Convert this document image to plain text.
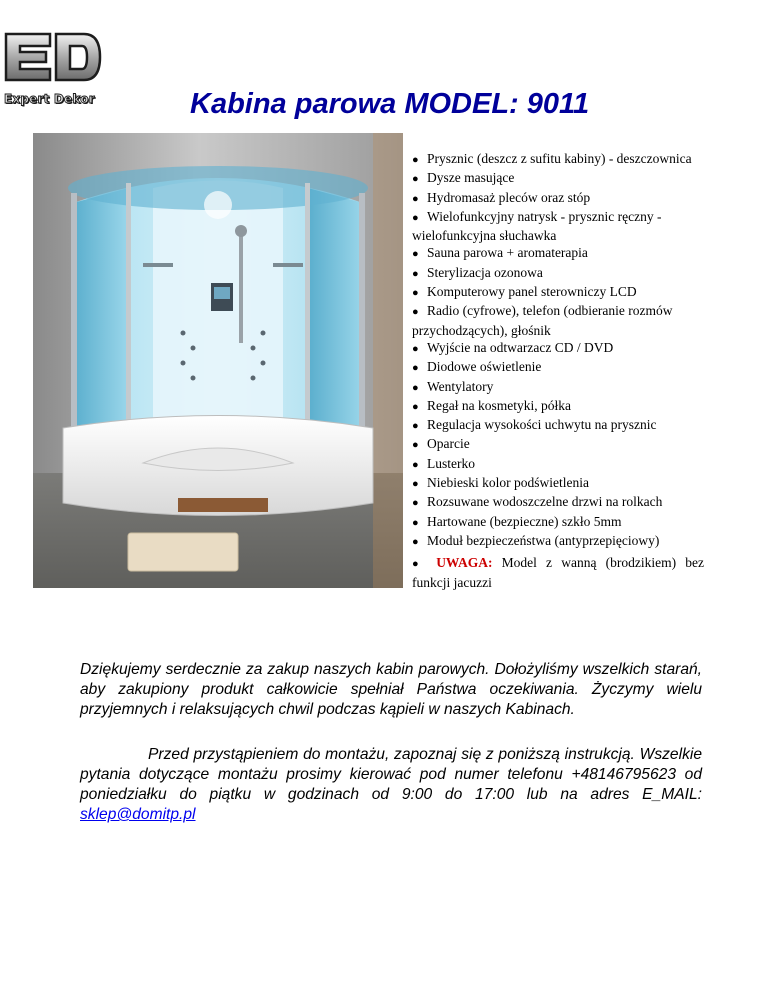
Expert Dekor	Kabina parowa MODEL: 9011
● Prysznic (deszcz z sufitu kabiny) - deszczownica
● Dysze masujące
● Hydromasaż pleców oraz stóp
● Wielofunkcyjny natrysk - prysznic ręczny - wielofunkcyjna słuchawka
● Sauna parowa + aromaterapia
● Sterylizacja ozonowa
● Komputerowy panel sterowniczy LCD
● Radio (cyfrowe), telefon (odbieranie rozmów przychodzących), głośnik
● Wyjście na odtwarzacz CD / DVD
● Diodowe oświetlenie
● Wentylatory
● Regał na kosmetyki, półka
● Regulacja wysokości uchwytu na prysznic
● Oparcie
● Lusterko
● Niebieski kolor podświetlenia
● Rozsuwane wodoszczelne drzwi na rolkach
● Hartowane (bezpieczne) szkło 5mm
● Moduł bezpieczeństwa (antyprzepięciowy)
● UWAGA: Model z wanną (brodzikiem) bez funkcji jacuzzi

Dziękujemy serdecznie za zakup naszych kabin parowych. Dołożyliśmy wszelkich starań, aby zakupiony produkt całkowicie spełniał Państwa oczekiwania. Życzymy wielu przyjemnych i relaksujących chwil podczas kąpieli w naszych Kabinach.

Przed przystąpieniem do montażu, zapoznaj się z poniższą instrukcją. Wszelkie pytania dotyczące montażu prosimy kierować pod numer telefonu +48146795623 od poniedziałku do piątku w godzinach od 9:00 do 17:00 lub na adres E_MAIL: sklep@domitp.pl
